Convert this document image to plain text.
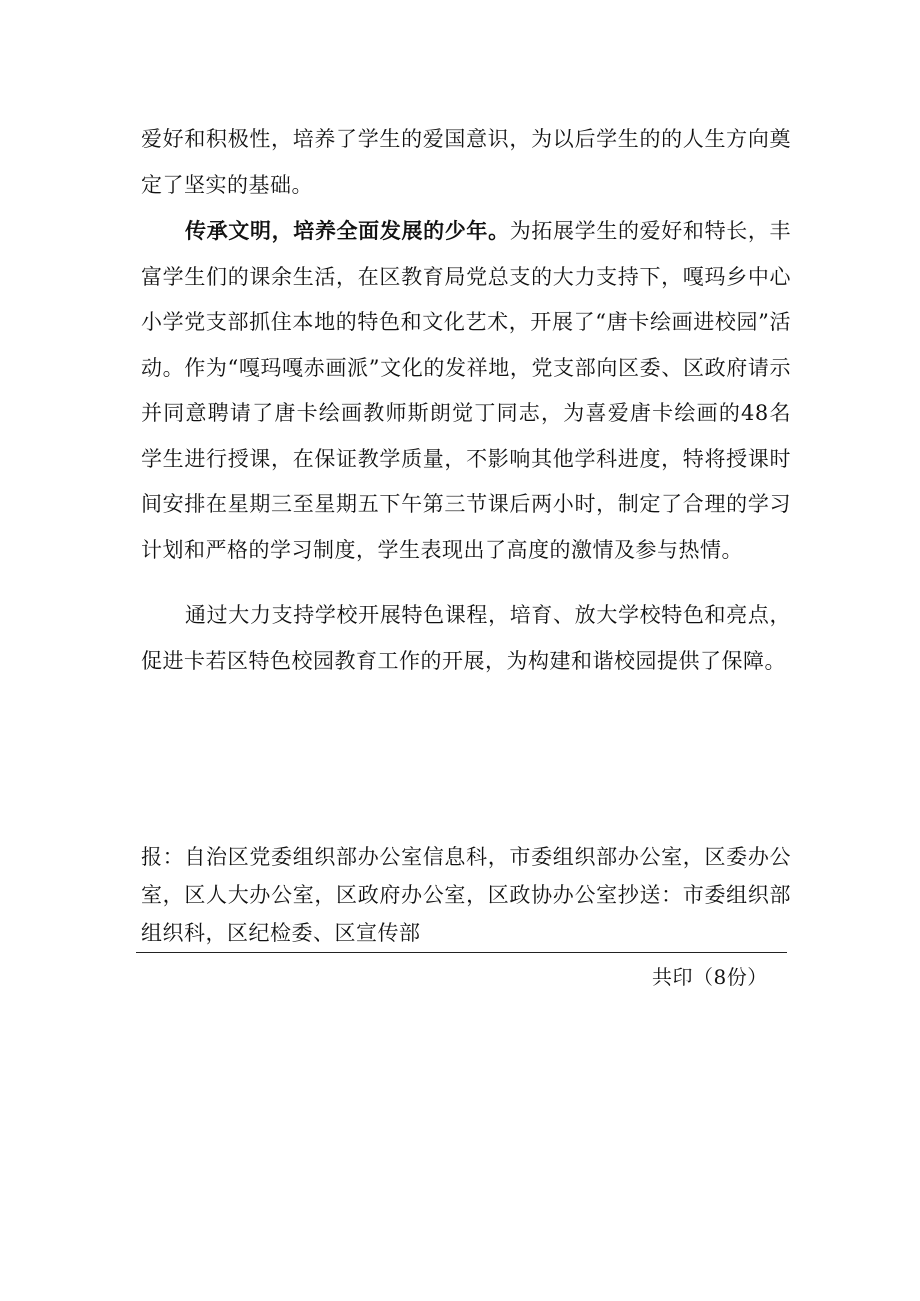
爱好和积极性，培养了学生的爱国意识，为以后学生的的人生方向奠定了坚实的基础。

传承文明，培养全面发展的少年。为拓展学生的爱好和特长，丰富学生们的课余生活，在区教育局党总支的大力支持下，嘎玛乡中心小学党支部抓住本地的特色和文化艺术，开展了“唐卡绘画进校园”活动。作为“嘎玛嘎赤画派”文化的发祥地，党支部向区委、区政府请示并同意聘请了唐卡绘画教师斯朗觉丁同志，为喜爱唐卡绘画的48名学生进行授课，在保证教学质量，不影响其他学科进度，特将授课时间安排在星期三至星期五下午第三节课后两小时，制定了合理的学习计划和严格的学习制度，学生表现出了高度的激情及参与热情。

通过大力支持学校开展特色课程，培育、放大学校特色和亮点，促进卡若区特色校园教育工作的开展，为构建和谐校园提供了保障。

报：自治区党委组织部办公室信息科，市委组织部办公室，区委办公室，区人大办公室，区政府办公室，区政协办公室抄送：市委组织部组织科，区纪检委、区宣传部

共印（8份）
